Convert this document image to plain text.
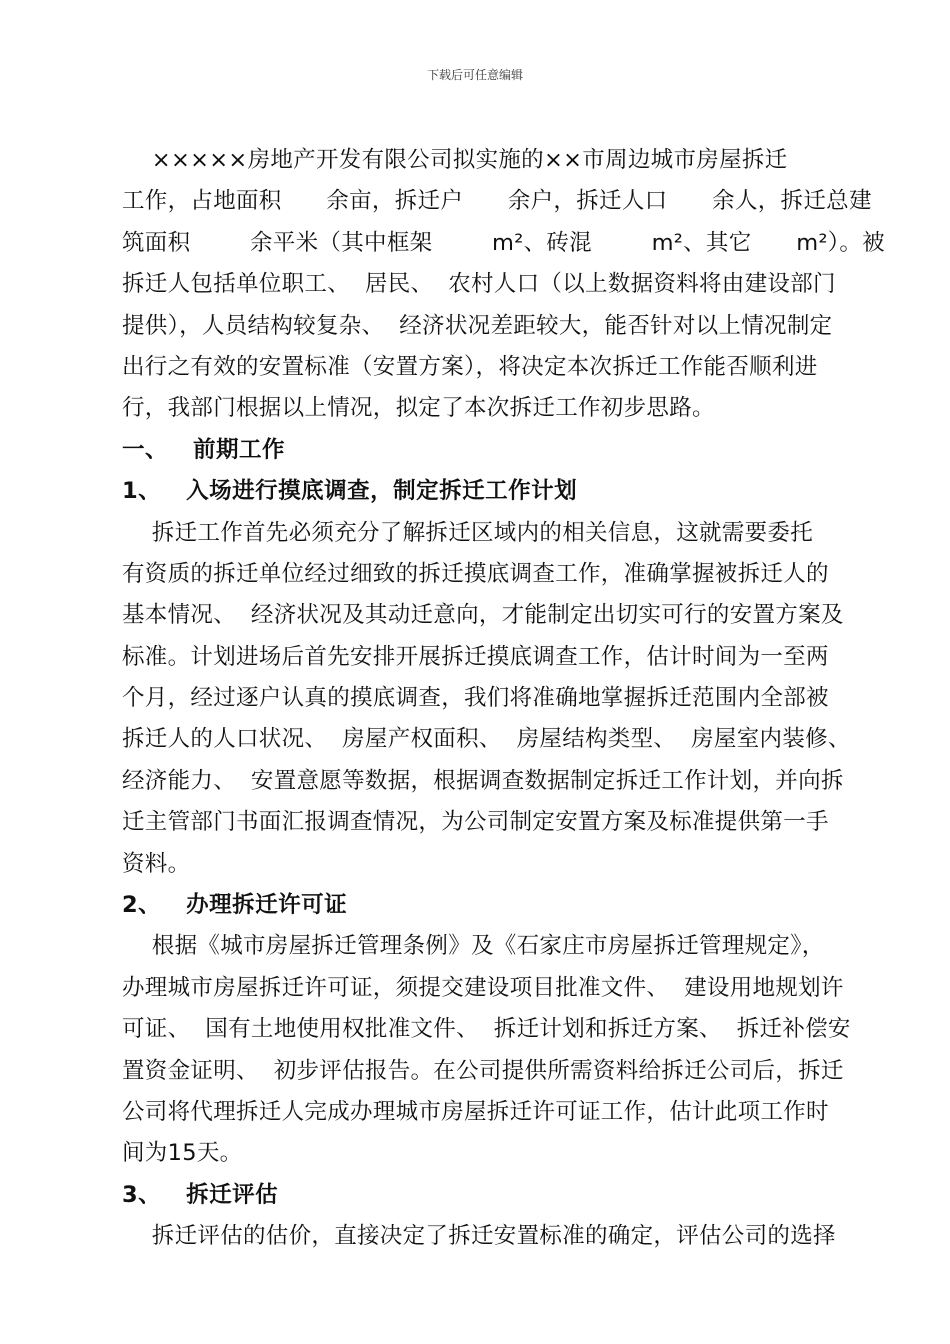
下载后可任意编辑
×××××房地产开发有限公司拟实施的××市周边城市房屋拆迁
工作，占地面积      余亩，拆迁户      余户，拆迁人口      余人，拆迁总建
筑面积        余平米（其中框架        m²、砖混        m²、其它      m²）。被
拆迁人包括单位职工、  居民、  农村人口（以上数据资料将由建设部门
提供），人员结构较复杂、  经济状况差距较大，能否针对以上情况制定
出行之有效的安置标准（安置方案），将决定本次拆迁工作能否顺利进
行，我部门根据以上情况，拟定了本次拆迁工作初步思路。
一、   前期工作
1、   入场进行摸底调查，制定拆迁工作计划
拆迁工作首先必须充分了解拆迁区域内的相关信息，这就需要委托
有资质的拆迁单位经过细致的拆迁摸底调查工作，准确掌握被拆迁人的
基本情况、  经济状况及其动迁意向，才能制定出切实可行的安置方案及
标准。计划进场后首先安排开展拆迁摸底调查工作，估计时间为一至两
个月，经过逐户认真的摸底调查，我们将准确地掌握拆迁范围内全部被
拆迁人的人口状况、  房屋产权面积、  房屋结构类型、  房屋室内装修、
经济能力、  安置意愿等数据，根据调查数据制定拆迁工作计划，并向拆
迁主管部门书面汇报调查情况，为公司制定安置方案及标准提供第一手
资料。
2、   办理拆迁许可证
根据《城市房屋拆迁管理条例》及《石家庄市房屋拆迁管理规定》，
办理城市房屋拆迁许可证，须提交建设项目批准文件、  建设用地规划许
可证、  国有土地使用权批准文件、  拆迁计划和拆迁方案、  拆迁补偿安
置资金证明、  初步评估报告。在公司提供所需资料给拆迁公司后，拆迁
公司将代理拆迁人完成办理城市房屋拆迁许可证工作，估计此项工作时
间为15天。
3、   拆迁评估
拆迁评估的估价，直接决定了拆迁安置标准的确定，评估公司的选择
